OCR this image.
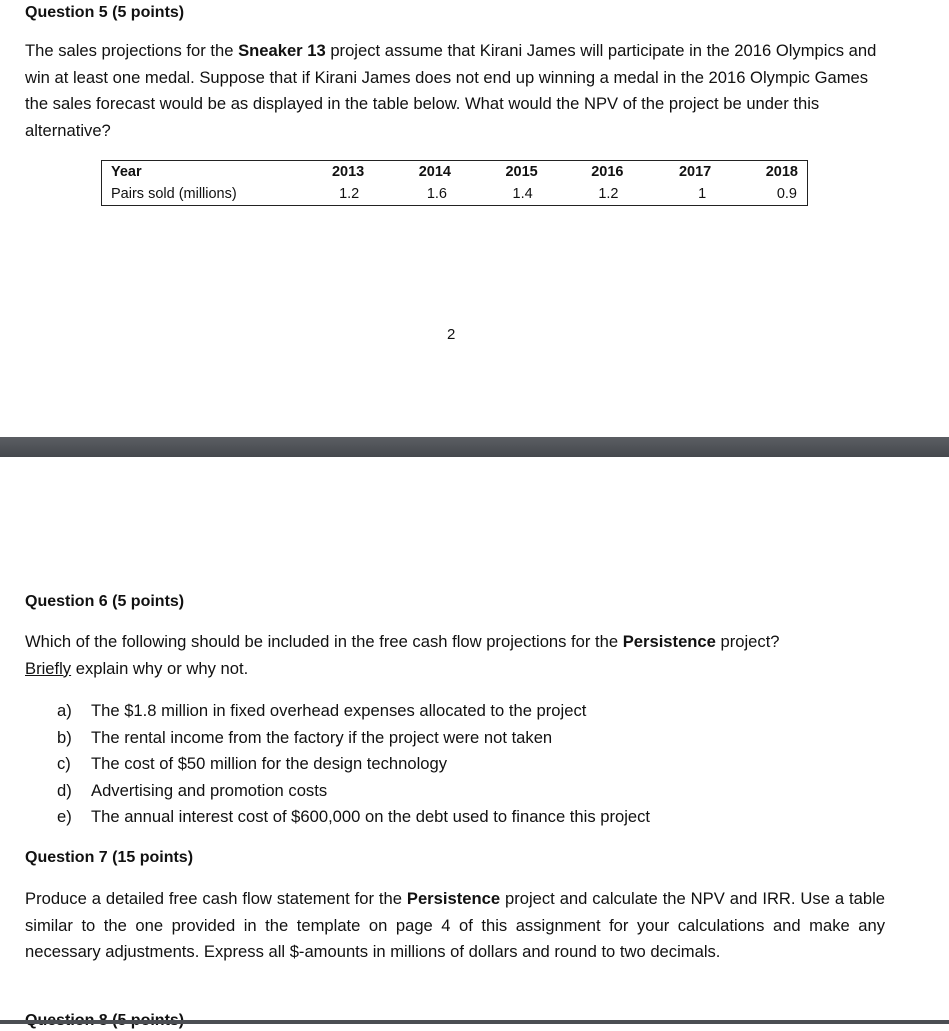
Question 5 (5 points)

The sales projections for the Sneaker 13 project assume that Kirani James will participate in the 2016 Olympics and win at least one medal. Suppose that if Kirani James does not end up winning a medal in the 2016 Olympic Games the sales forecast would be as displayed in the table below. What would the NPV of the project be under this alternative?

Year	2013	2014	2015	2016	2017	2018
Pairs sold (millions)	1.2	1.6	1.4	1.2	1	0.9

2

Question 6 (5 points)

Which of the following should be included in the free cash flow projections for the Persistence project?
Briefly explain why or why not.

a) The $1.8 million in fixed overhead expenses allocated to the project
b) The rental income from the factory if the project were not taken
c) The cost of $50 million for the design technology
d) Advertising and promotion costs
e) The annual interest cost of $600,000 on the debt used to finance this project
Question 7 (15 points)

Produce a detailed free cash flow statement for the Persistence project and calculate the NPV and IRR. Use a table similar to the one provided in the template on page 4 of this assignment for your calculations and make any necessary adjustments. Express all $-amounts in millions of dollars and round to two decimals.
